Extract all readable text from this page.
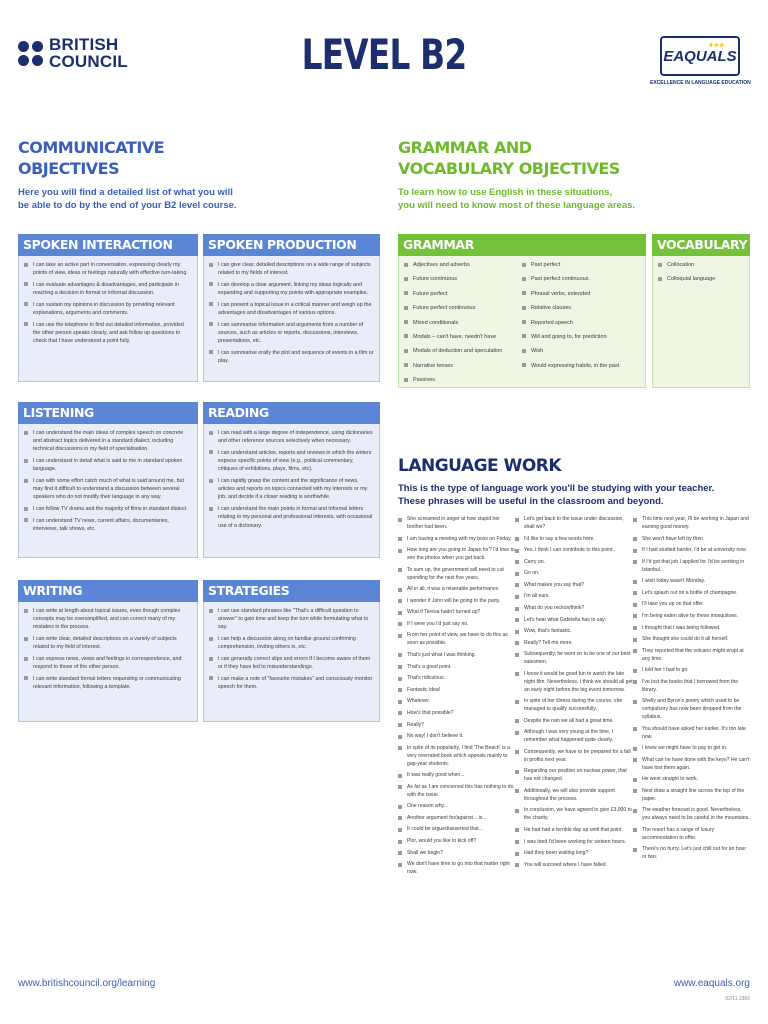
BRITISH
COUNCIL	LEVEL B2	★★★
EAQUALS
EXCELLENCE IN LANGUAGE EDUCATION
COMMUNICATIVE
OBJECTIVES
Here you will find a detailed list of what you will
be able to do by the end of your B2 level course.
GRAMMAR AND
VOCABULARY OBJECTIVES
To learn how to use English in these situations,
you will need to know most of these language areas.
SPOKEN INTERACTION
I can take an active part in conversation, expressing clearly my points of view, ideas or feelings naturally with effective turn-taking.
I can evaluate advantages & disadvantages, and participate in reaching a decision in formal or informal discussion.
I can sustain my opinions in discussion by providing relevant explanations, arguments and comments.
I can use the telephone to find out detailed information, provided the other person speaks clearly, and ask follow up questions to check that I have understood a point fully.
SPOKEN PRODUCTION
I can give clear, detailed descriptions on a wide range of subjects related to my fields of interest.
I can develop a clear argument, linking my ideas logically and expanding and supporting my points with appropriate examples.
I can present a topical issue in a critical manner and weigh up the advantages and disadvantages of various options.
I can summarise information and arguments from a number of sources, such as articles or reports, discussions, interviews, presentations, etc.
I can summarise orally the plot and sequence of events in a film or play.
GRAMMAR
Adjectives and adverbs
Future continuous
Future perfect
Future perfect continuous
Mixed conditionals
Modals – can't have, needn't have
Modals of deduction and speculation
Narrative tenses
Passives
Past perfect
Past perfect continuous
Phrasal verbs, extended
Relative clauses
Reported speech
Will and going to, for prediction
Wish
Would expressing habits, in the past
VOCABULARY
Collocation
Colloquial language
LISTENING
I can understand the main ideas of complex speech on concrete and abstract topics delivered in a standard dialect, including technical discussions in my field of specialisation.
I can understand in detail what is said to me in standard spoken language.
I can with some effort catch much of what is said around me, but may find it difficult to understand a discussion between several speakers who do not modify their language in any way.
I can follow TV drama and the majority of films in standard dialect.
I can understand TV news, current affairs, documentaries, interviews, talk shows, etc.
READING
I can read with a large degree of independence, using dictionaries and other reference sources selectively when necessary.
I can understand articles, reports and reviews in which the writers express specific points of view (e.g., political commentary, critiques of exhibitions, plays, films, etc).
I can rapidly grasp the content and the significance of news, articles and reports on topics connected with my interests or my job, and decide if a closer reading is worthwhile.
I can understand the main points in formal and informal letters relating to my personal and professional interests, with occasional use of a dictionary.
WRITING
I can write at length about topical issues, even though complex concepts may be oversimplified, and can correct many of my mistakes in the process.
I can write clear, detailed descriptions on a variety of subjects related to my field of interest.
I can express news, views and feelings in correspondence, and respond to those of the other person.
I can write standard formal letters requesting or communicating relevant information, following a template.
STRATEGIES
I can use standard phrases like "That's a difficult question to answer" to gain time and keep the turn while formulating what to say.
I can help a discussion along on familiar ground confirming comprehension, inviting others in, etc.
I can generally correct slips and errors if I become aware of them or if they have led to misunderstandings.
I can make a note of "favourite mistakes" and consciously monitor speech for them.
LANGUAGE WORK
This is the type of language work you'll be studying with your teacher.
These phrases will be useful in the classroom and beyond.
She screamed in anger at how stupid her brother had been.
I am having a meeting with my boss on Friday.
How long are you going to Japan for? I'd love to see the photos when you get back.
To sum up, the government will need to cut spending for the next five years.
All in all, it was a miserable performance.
I wonder if John will be going to the party.
What if Teresa hadn't turned up?
If I were you I'd just say no.
From her point of view, we have to do this as soon as possible.
That's just what I was thinking.
That's a good point.
That's ridiculous.
Fantastic idea!
Whatever.
How's that possible?
Really?
No way! I don't believe it.
In spite of its popularity, I find 'The Beach' is a very overrated book which appeals mainly to gap-year students.
It was really good when...
As far as I am concerned this has nothing to do with the issue.
One reason why...
Another argument for/against... is...
It could be argued/asserted that...
Plor, would you like to kick off?
Shall we begin?
We don't have time to go into that matter right now.
Let's get back to the issue under discussion, shall we?
I'd like to say a few words here.
Yes, I think I can contribute to this point.
Carry on.
Go on.
What makes you say that?
I'm all ears.
What do you reckon/think?
Let's hear what Gabriella has to say.
Wow, that's fantastic.
Really? Tell me more.
Subsequently, he went on to be one of our best salesmen.
I know it would be good fun to watch the late night film. Nevertheless, I think we should all get an early night before the big event tomorrow.
In spite of her illness during the course, she managed to qualify successfully.
Despite the rain we all had a great time.
Although I was very young at the time, I remember what happened quite clearly.
Consequently, we have to be prepared for a fall in profits next year.
Regarding our position on nuclear power, that has not changed.
Additionally, we will also provide support throughout the process.
In conclusion, we have agreed to give £3,000 to the charity.
He had had a terrible day up until that point.
I was tired I'd been working for sixteen hours.
Had they been waiting long?
You will succeed where I have failed.
This time next year, I'll be working in Japan and earning good money.
She won't have left by then.
If I had studied harder, I'd be at university now.
If I'd got that job I applied for I'd be working in Istanbul.
I wish today wasn't Monday.
Let's splash out on a bottle of champagne.
I'll take you up on that offer.
I'm being eaten alive by these mosquitoes.
I thought that I was being followed.
She thought she could do it all herself.
They reported that the volcano might erupt at any time.
I told her I had to go.
I've lost the books that I borrowed from the library.
Shelly and Byron's poetry which used to be compulsory has now been dropped from the syllabus.
You should have asked her earlier. It's too late now.
I knew we might have to pay to get in.
What can he have done with the keys? He can't have lost them again.
He went straight to work.
Next draw a straight line across the top of the paper.
The weather forecast is good. Nevertheless, you always need to be careful in the mountains.
The resort has a range of luxury accommodation to offer.
There's no hurry. Let's just chill out for an hour or two.
www.britishcouncil.org/learning	www.eaquals.org
02/11 2366
